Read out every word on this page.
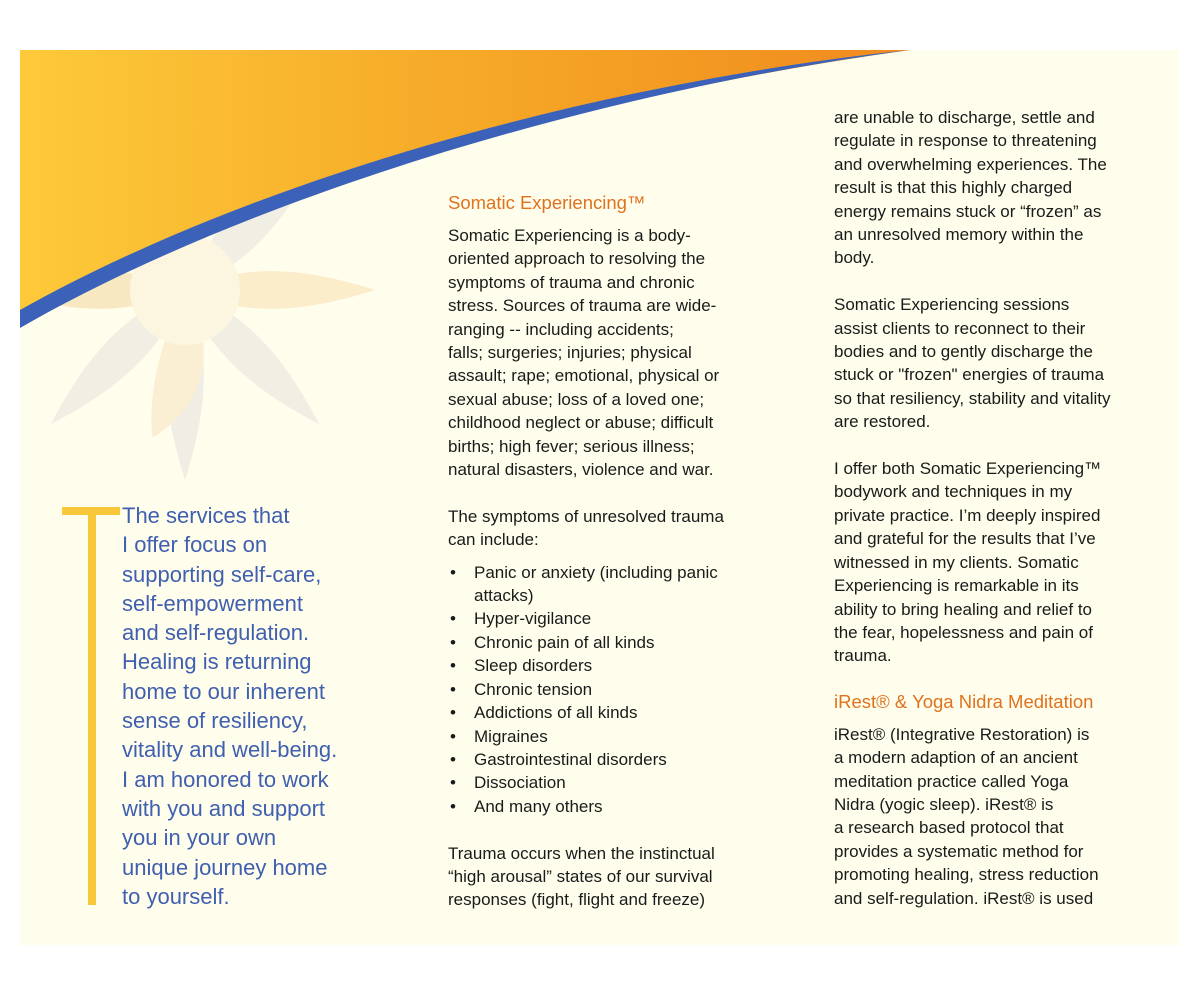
The services that
I offer focus on
supporting self-care,
self-empowerment
and self-regulation.
Healing is returning
home to our inherent
sense of resiliency,
vitality and well-being.
I am honored to work
with you and support
you in your own
unique journey home
to yourself.
Somatic Experiencing™

Somatic Experiencing is a body-

oriented approach to resolving the

symptoms of trauma and chronic

stress. Sources of trauma are wide-

ranging -- including accidents;

falls; surgeries; injuries; physical

assault; rape; emotional, physical or

sexual abuse; loss of a loved one;

childhood neglect or abuse; difficult

births; high fever; serious illness;

natural disasters, violence and war.

The symptoms of unresolved trauma

can include:

• Panic or anxiety (including panic attacks)
• Hyper-vigilance
• Chronic pain of all kinds
• Sleep disorders
• Chronic tension
• Addictions of all kinds
• Migraines
• Gastrointestinal disorders
• Dissociation
• And many others

Trauma occurs when the instinctual

“high arousal” states of our survival

responses (fight, flight and freeze)

are unable to discharge, settle and

regulate in response to threatening

and overwhelming experiences. The

result is that this highly charged

energy remains stuck or “frozen” as

an unresolved memory within the

body.

Somatic Experiencing sessions

assist clients to reconnect to their

bodies and to gently discharge the

stuck or "frozen" energies of trauma

so that resiliency, stability and vitality

are restored.

I offer both Somatic Experiencing™

bodywork and techniques in my

private practice. I’m deeply inspired

and grateful for the results that I’ve

witnessed in my clients. Somatic

Experiencing is remarkable in its

ability to bring healing and relief to

the fear, hopelessness and pain of

trauma.

iRest® & Yoga Nidra Meditation

iRest® (Integrative Restoration) is

a modern adaption of an ancient

meditation practice called Yoga

Nidra (yogic sleep). iRest® is

a research based protocol that

provides a systematic method for

promoting healing, stress reduction

and self-regulation. iRest® is used
